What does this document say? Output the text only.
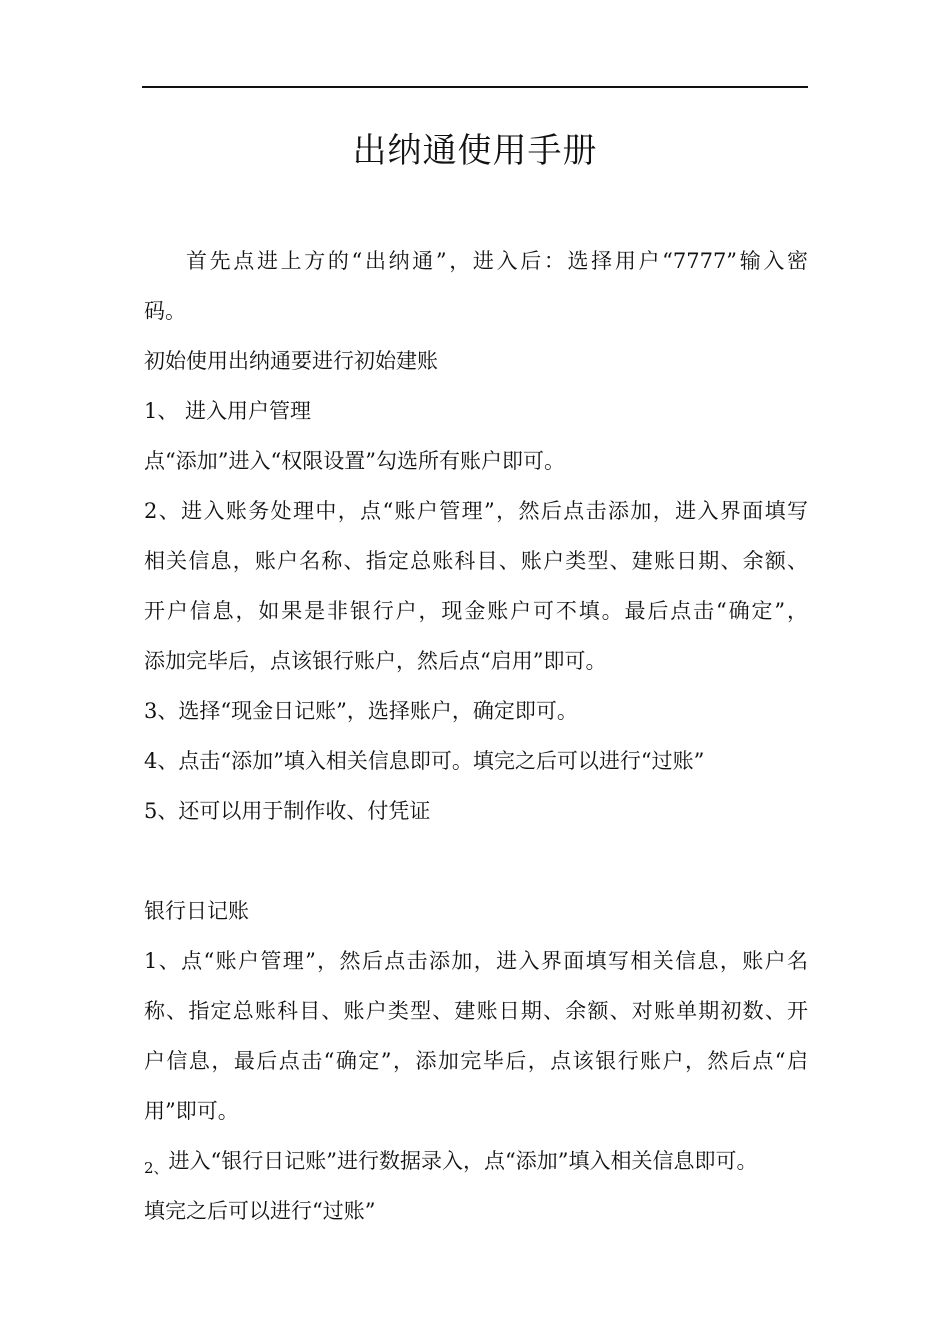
出纳通使用手册
首先点进上方的“出纳通”，进入后：选择用户“7777”输入密
码。
初始使用出纳通要进行初始建账
1、 进入用户管理
点“添加”进入“权限设置”勾选所有账户即可。
2、进入账务处理中，点“账户管理”，然后点击添加，进入界面填写
相关信息，账户名称、指定总账科目、账户类型、建账日期、余额、
开户信息，如果是非银行户，现金账户可不填。最后点击“确定”，
添加完毕后，点该银行账户，然后点“启用”即可。
3、选择“现金日记账”，选择账户，确定即可。
4、点击“添加”填入相关信息即可。填完之后可以进行“过账”
5、还可以用于制作收、付凭证
银行日记账
1、点“账户管理”，然后点击添加，进入界面填写相关信息，账户名
称、指定总账科目、账户类型、建账日期、余额、对账单期初数、开
户信息，最后点击“确定”，添加完毕后，点该银行账户，然后点“启
用”即可。
$_{2、}$进入“银行日记账”进行数据录入，点“添加”填入相关信息即可。
填完之后可以进行“过账”
